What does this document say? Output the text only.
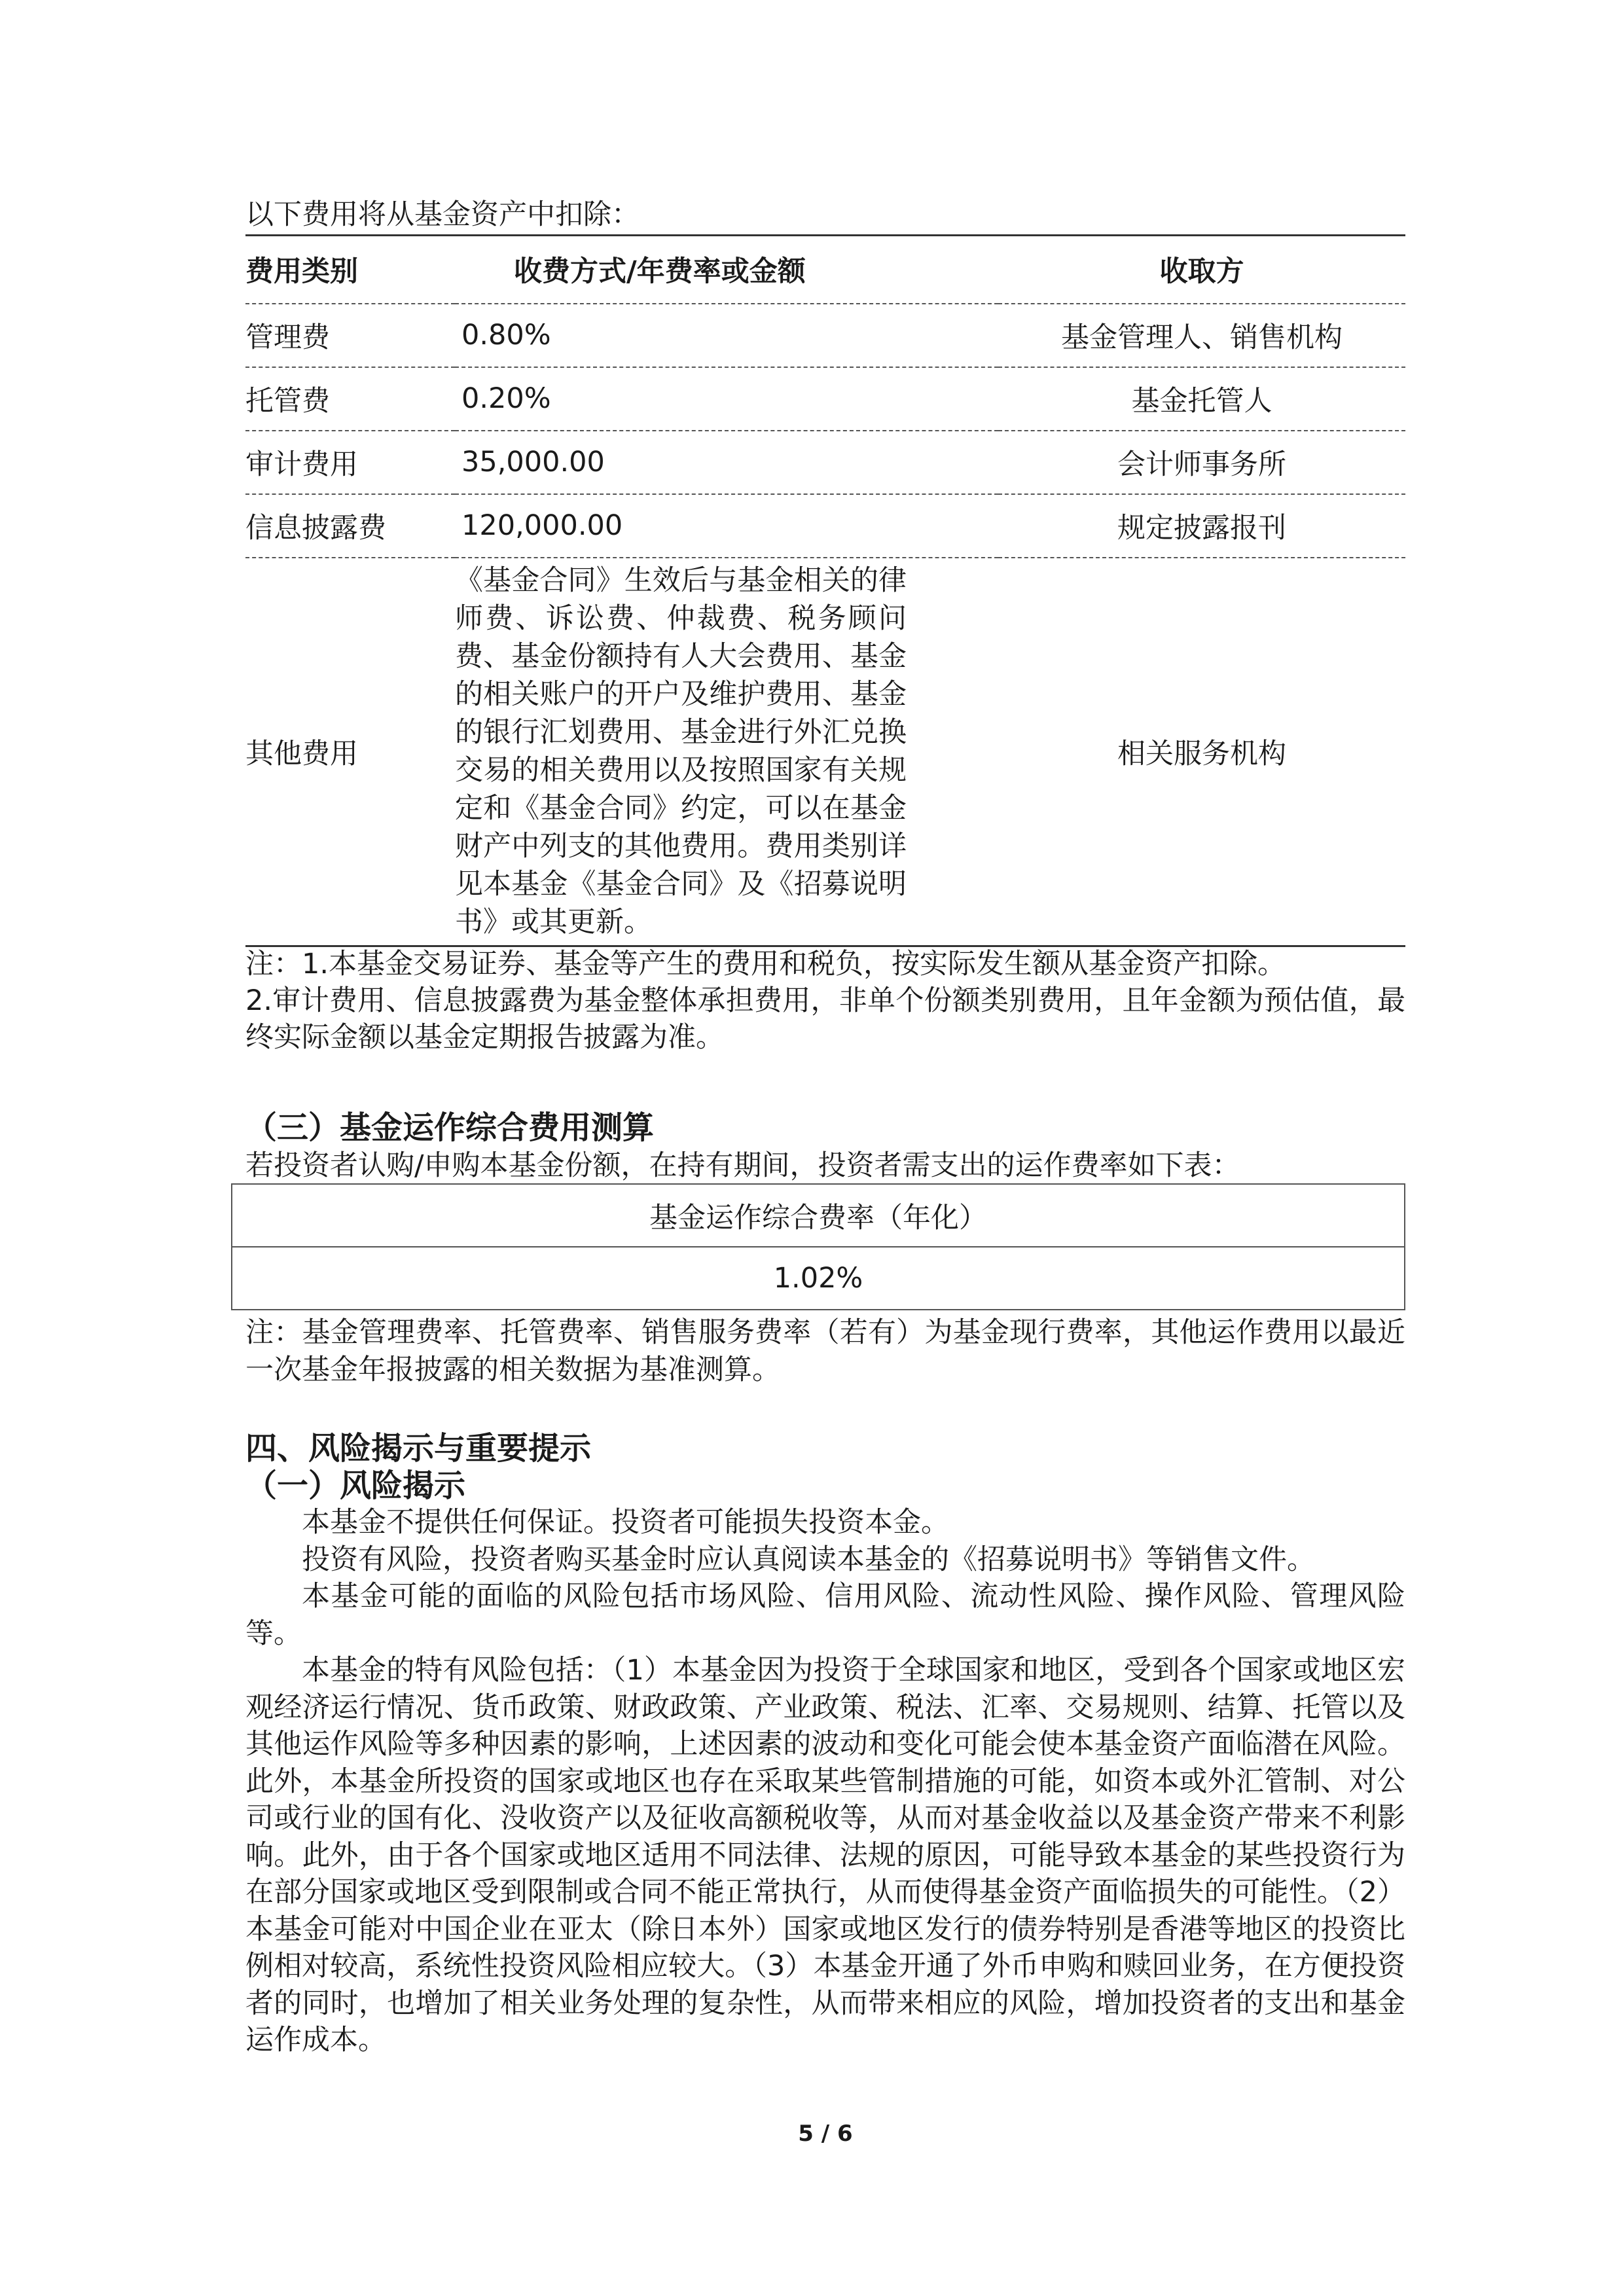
以下费用将从基金资产中扣除：
费用类别	收费方式/年费率或金额	收取方
管理费	0.80%	基金管理人、销售机构
托管费	0.20%	基金托管人
审计费用	35,000.00	会计师事务所
信息披露费	120,000.00	规定披露报刊
其他费用	《基金合同》生效后与基金相关的律师费、诉讼费、仲裁费、税务顾问费、基金份额持有人大会费用、基金的相关账户的开户及维护费用、基金的银行汇划费用、基金进行外汇兑换交易的相关费用以及按照国家有关规定和《基金合同》约定，可以在基金财产中列支的其他费用。费用类别详见本基金《基金合同》及《招募说明书》或其更新。	相关服务机构

注：1.本基金交易证券、基金等产生的费用和税负，按实际发生额从基金资产扣除。

2.审计费用、信息披露费为基金整体承担费用，非单个份额类别费用，且年金额为预估值，最终实际金额以基金定期报告披露为准。

（三）基金运作综合费用测算
若投资者认购/申购本基金份额，在持有期间，投资者需支出的运作费率如下表：
基金运作综合费率（年化）
1.02%

注：基金管理费率、托管费率、销售服务费率（若有）为基金现行费率，其他运作费用以最近一次基金年报披露的相关数据为基准测算。

四、风险揭示与重要提示
（一）风险揭示

本基金不提供任何保证。投资者可能损失投资本金。

投资有风险，投资者购买基金时应认真阅读本基金的《招募说明书》等销售文件。

本基金可能的面临的风险包括市场风险、信用风险、流动性风险、操作风险、管理风险等。

本基金的特有风险包括：（1）本基金因为投资于全球国家和地区，受到各个国家或地区宏观经济运行情况、货币政策、财政政策、产业政策、税法、汇率、交易规则、结算、托管以及其他运作风险等多种因素的影响，上述因素的波动和变化可能会使本基金资产面临潜在风险。此外，本基金所投资的国家或地区也存在采取某些管制措施的可能，如资本或外汇管制、对公司或行业的国有化、没收资产以及征收高额税收等，从而对基金收益以及基金资产带来不利影响。此外，由于各个国家或地区适用不同法律、法规的原因，可能导致本基金的某些投资行为在部分国家或地区受到限制或合同不能正常执行，从而使得基金资产面临损失的可能性。（2）本基金可能对中国企业在亚太（除日本外）国家或地区发行的债券特别是香港等地区的投资比例相对较高，系统性投资风险相应较大。（3）本基金开通了外币申购和赎回业务，在方便投资者的同时，也增加了相关业务处理的复杂性，从而带来相应的风险，增加投资者的支出和基金运作成本。

5 / 6
